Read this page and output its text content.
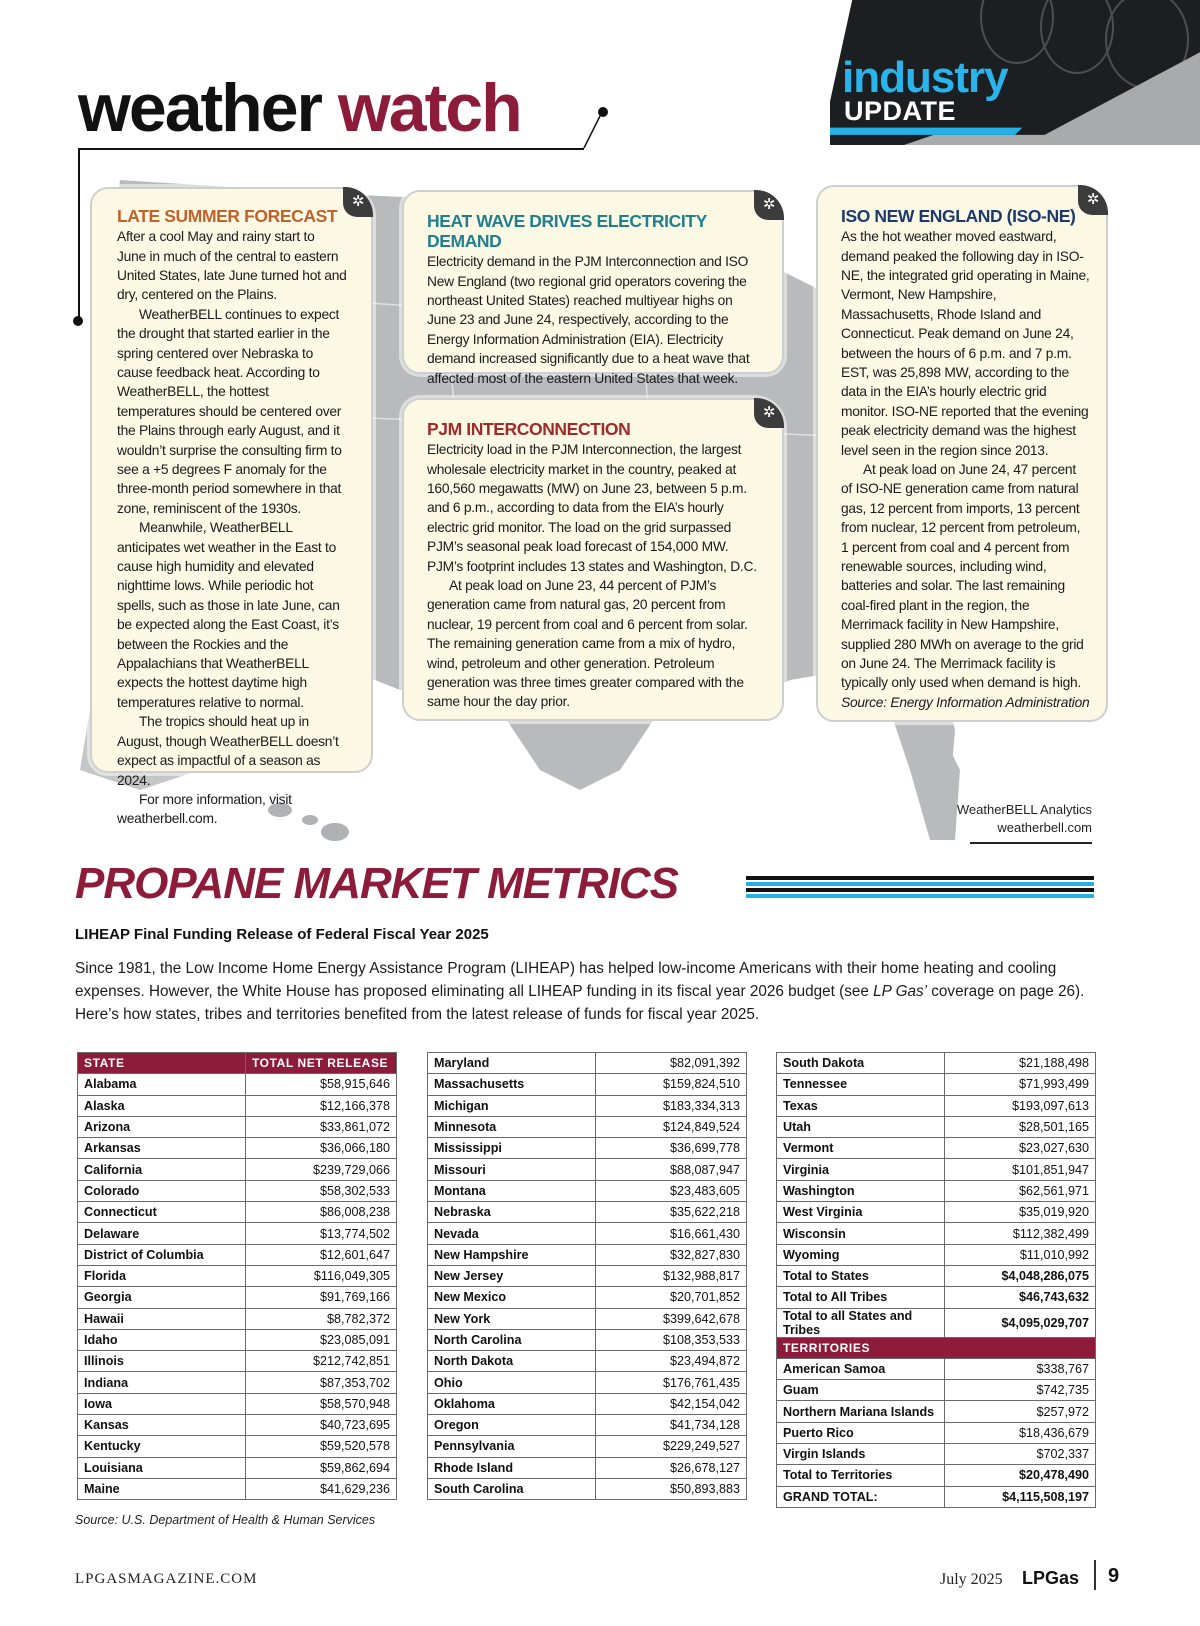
industry
UPDATE
weather watch
✲
LATE SUMMER FORECAST

After a cool May and rainy start to June in much of the central to eastern United States, late June turned hot and dry, centered on the Plains.

WeatherBELL continues to expect the drought that started earlier in the spring centered over Nebraska to cause feedback heat. According to WeatherBELL, the hottest temperatures should be centered over the Plains through early August, and it wouldn’t surprise the consulting firm to see a +5 degrees F anomaly for the three-month period somewhere in that zone, reminiscent of the 1930s.

Meanwhile, WeatherBELL anticipates wet weather in the East to cause high humidity and elevated nighttime lows. While periodic hot spells, such as those in late June, can be expected along the East Coast, it’s between the Rockies and the Appalachians that WeatherBELL expects the hottest daytime high temperatures relative to normal.

The tropics should heat up in August, though WeatherBELL doesn’t expect as impactful of a season as 2024.

For more information, visit weatherbell.com.

✲
HEAT WAVE DRIVES ELECTRICITY DEMAND

Electricity demand in the PJM Interconnection and ISO New England (two regional grid operators covering the northeast United States) reached multiyear highs on June 23 and June 24, respectively, according to the Energy Information Administration (EIA). Electricity demand increased significantly due to a heat wave that affected most of the eastern United States that week.

✲
PJM INTERCONNECTION

Electricity load in the PJM Interconnection, the largest wholesale electricity market in the country, peaked at 160,560 megawatts (MW) on June 23, between 5 p.m. and 6 p.m., according to data from the EIA’s hourly electric grid monitor. The load on the grid surpassed PJM’s seasonal peak load forecast of 154,000 MW. PJM’s footprint includes 13 states and Washington, D.C.

At peak load on June 23, 44 percent of PJM’s generation came from natural gas, 20 percent from nuclear, 19 percent from coal and 6 percent from solar. The remaining generation came from a mix of hydro, wind, petroleum and other generation. Petroleum generation was three times greater compared with the same hour the day prior.

✲
ISO NEW ENGLAND (ISO-NE)

As the hot weather moved eastward, demand peaked the following day in ISO-NE, the integrated grid operating in Maine, Vermont, New Hampshire, Massachusetts, Rhode Island and Connecticut. Peak demand on June 24, between the hours of 6 p.m. and 7 p.m. EST, was 25,898 MW, according to the data in the EIA’s hourly electric grid monitor. ISO-NE reported that the evening peak electricity demand was the highest level seen in the region since 2013.

At peak load on June 24, 47 percent of ISO-NE generation came from natural gas, 12 percent from imports, 13 percent from nuclear, 12 percent from petroleum, 1 percent from coal and 4 percent from renewable sources, including wind, batteries and solar. The last remaining coal-fired plant in the region, the Merrimack facility in New Hampshire, supplied 280 MWh on average to the grid on June 24. The Merrimack facility is typically only used when demand is high.

Source: Energy Information Administration

WeatherBELL Analytics
weatherbell.com
PROPANE MARKET METRICS
LIHEAP Final Funding Release of Federal Fiscal Year 2025
Since 1981, the Low Income Home Energy Assistance Program (LIHEAP) has helped low-income Americans with their home heating and cooling expenses. However, the White House has proposed eliminating all LIHEAP funding in its fiscal year 2026 budget (see LP Gas’ coverage on page 26). Here’s how states, tribes and territories benefited from the latest release of funds for fiscal year 2025.
STATE	TOTAL NET RELEASE
Alabama	$58,915,646
Alaska	$12,166,378
Arizona	$33,861,072
Arkansas	$36,066,180
California	$239,729,066
Colorado	$58,302,533
Connecticut	$86,008,238
Delaware	$13,774,502
District of Columbia	$12,601,647
Florida	$116,049,305
Georgia	$91,769,166
Hawaii	$8,782,372
Idaho	$23,085,091
Illinois	$212,742,851
Indiana	$87,353,702
Iowa	$58,570,948
Kansas	$40,723,695
Kentucky	$59,520,578
Louisiana	$59,862,694
Maine	$41,629,236
Maryland	$82,091,392
Massachusetts	$159,824,510
Michigan	$183,334,313
Minnesota	$124,849,524
Mississippi	$36,699,778
Missouri	$88,087,947
Montana	$23,483,605
Nebraska	$35,622,218
Nevada	$16,661,430
New Hampshire	$32,827,830
New Jersey	$132,988,817
New Mexico	$20,701,852
New York	$399,642,678
North Carolina	$108,353,533
North Dakota	$23,494,872
Ohio	$176,761,435
Oklahoma	$42,154,042
Oregon	$41,734,128
Pennsylvania	$229,249,527
Rhode Island	$26,678,127
South Carolina	$50,893,883
South Dakota	$21,188,498
Tennessee	$71,993,499
Texas	$193,097,613
Utah	$28,501,165
Vermont	$23,027,630
Virginia	$101,851,947
Washington	$62,561,971
West Virginia	$35,019,920
Wisconsin	$112,382,499
Wyoming	$11,010,992
Total to States	$4,048,286,075
Total to All Tribes	$46,743,632
Total to all States and Tribes	$4,095,029,707
TERRITORIES	
American Samoa	$338,767
Guam	$742,735
Northern Mariana Islands	$257,972
Puerto Rico	$18,436,679
Virgin Islands	$702,337
Total to Territories	$20,478,490
GRAND TOTAL:	$4,115,508,197
Source: U.S. Department of Health & Human Services
LPGASMAGAZINE.COM	July 2025 LPGas 9
